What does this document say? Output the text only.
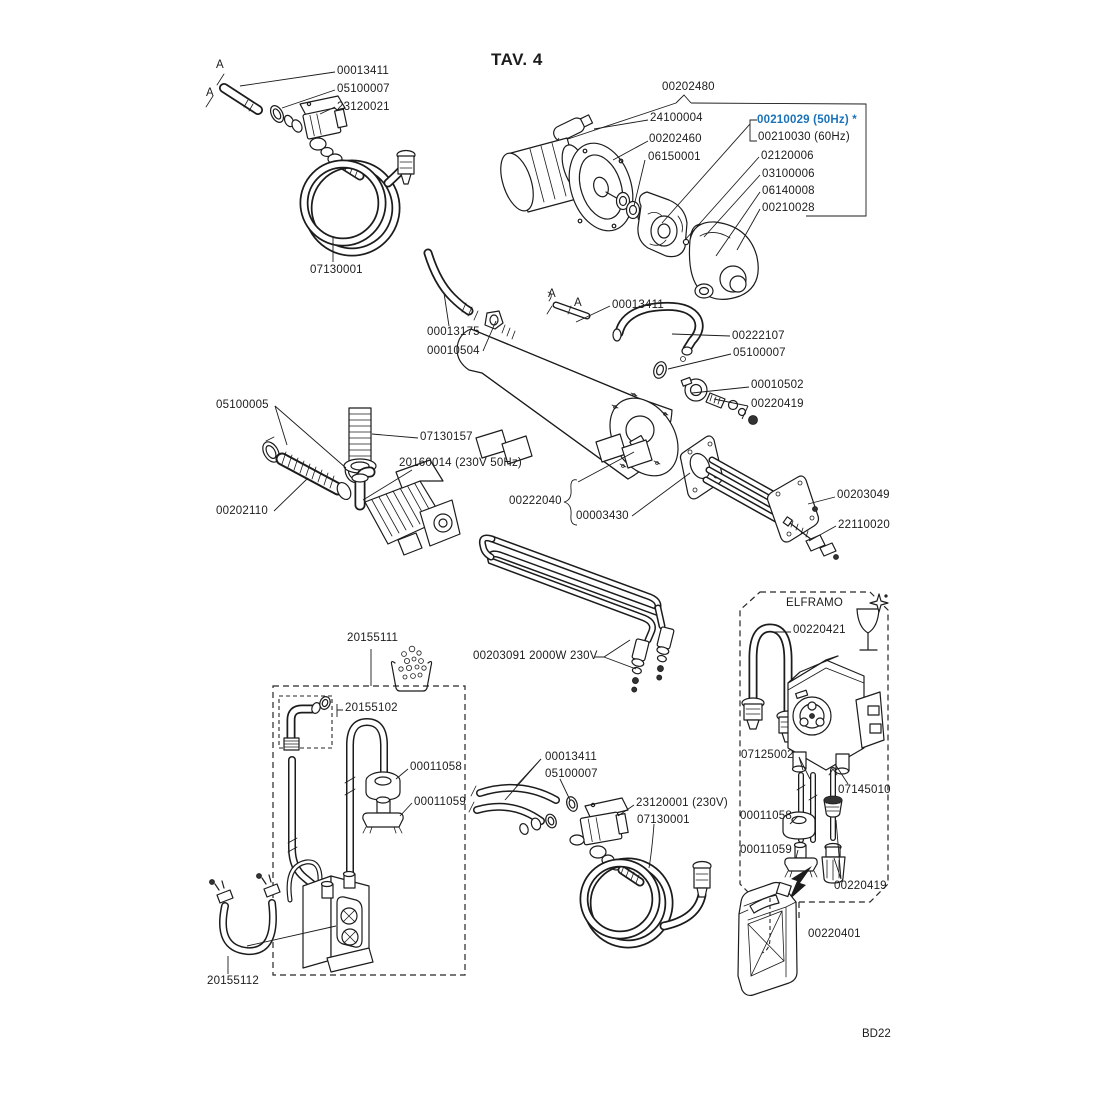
TAV. 4
A
A
00013411
05100007
23120021
07130001
00202480
24100004
00202460
06150001
00210029 (50Hz) *
00210030 (60Hz)
02120006
03100006
06140008
00210028
00013175
00010504
A
A	00013411
00222107
05100007
00010502
00220419
05100005
07130157
20160014 (230V 50Hz)
00202110
00222040
00003430
00203049
22110020
00203091 2000W 230V
20155111
20155102
00011058
00011059
20155112
00013411
05100007
23120001 (230V)
07130001
ELFRAMO
00220421
07125002
07145010
00011058
00011059
00220419
00220401
BD22
